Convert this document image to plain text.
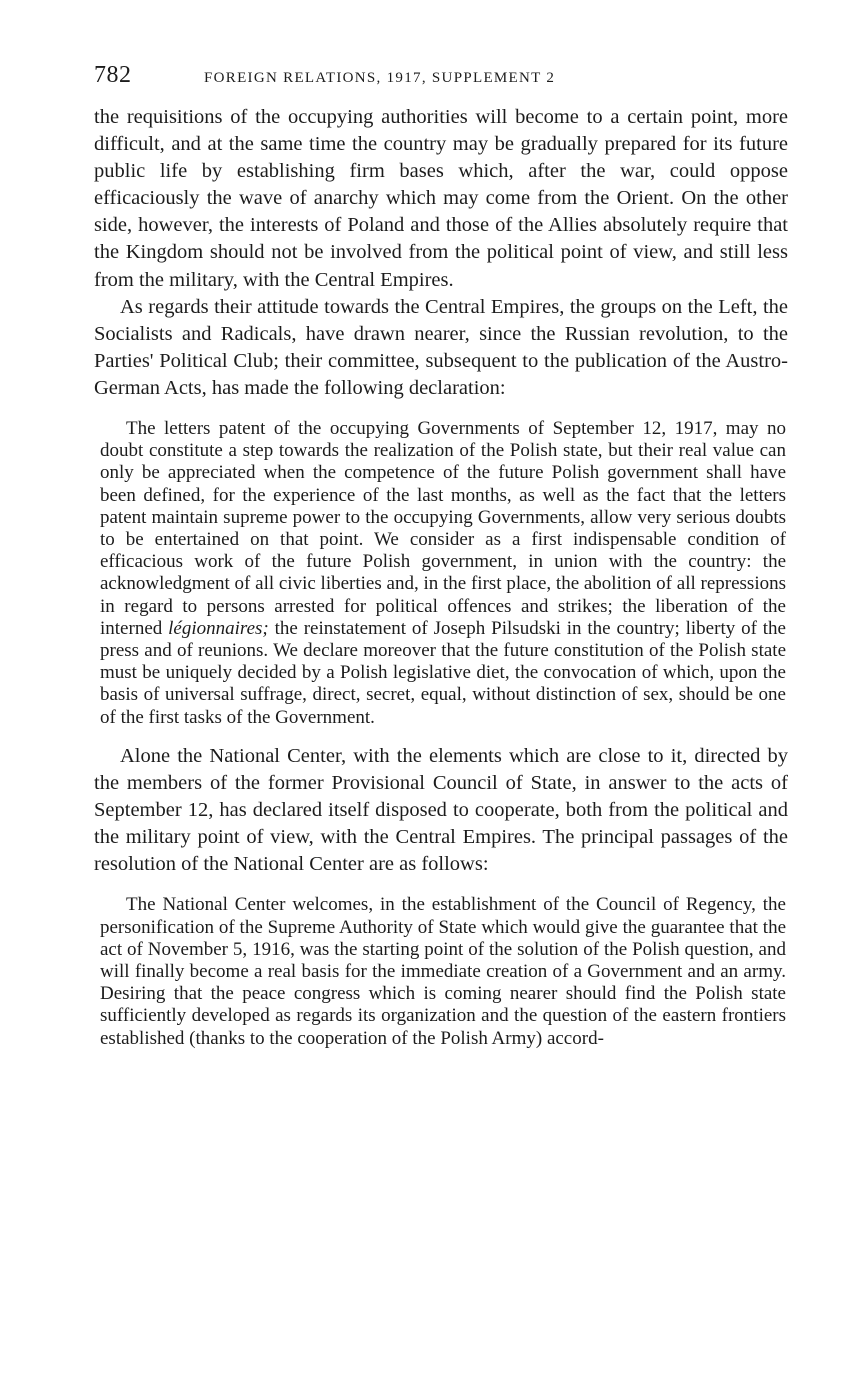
782	FOREIGN RELATIONS, 1917, SUPPLEMENT 2

the requisitions of the occupying authorities will become to a certain point, more difficult, and at the same time the country may be gradually prepared for its future public life by establishing firm bases which, after the war, could oppose efficaciously the wave of anarchy which may come from the Orient. On the other side, however, the interests of Poland and those of the Allies absolutely require that the Kingdom should not be involved from the political point of view, and still less from the military, with the Central Empires.

As regards their attitude towards the Central Empires, the groups on the Left, the Socialists and Radicals, have drawn nearer, since the Russian revolution, to the Parties' Political Club; their committee, subsequent to the publication of the Austro-German Acts, has made the following declaration:

The letters patent of the occupying Governments of September 12, 1917, may no doubt constitute a step towards the realization of the Polish state, but their real value can only be appreciated when the competence of the future Polish government shall have been defined, for the experience of the last months, as well as the fact that the letters patent maintain supreme power to the occupying Governments, allow very serious doubts to be entertained on that point. We consider as a first indispensable condition of efficacious work of the future Polish government, in union with the country: the acknowledgment of all civic liberties and, in the first place, the abolition of all repressions in regard to persons arrested for political offences and strikes; the liberation of the interned légionnaires; the reinstatement of Joseph Pilsudski in the country; liberty of the press and of reunions. We declare moreover that the future constitution of the Polish state must be uniquely decided by a Polish legislative diet, the convocation of which, upon the basis of universal suffrage, direct, secret, equal, without distinction of sex, should be one of the first tasks of the Government.

Alone the National Center, with the elements which are close to it, directed by the members of the former Provisional Council of State, in answer to the acts of September 12, has declared itself disposed to cooperate, both from the political and the military point of view, with the Central Empires. The principal passages of the resolution of the National Center are as follows:

The National Center welcomes, in the establishment of the Council of Regency, the personification of the Supreme Authority of State which would give the guarantee that the act of November 5, 1916, was the starting point of the solution of the Polish question, and will finally become a real basis for the immediate creation of a Government and an army. Desiring that the peace congress which is coming nearer should find the Polish state sufficiently developed as regards its organization and the question of the eastern frontiers established (thanks to the cooperation of the Polish Army) accord-
